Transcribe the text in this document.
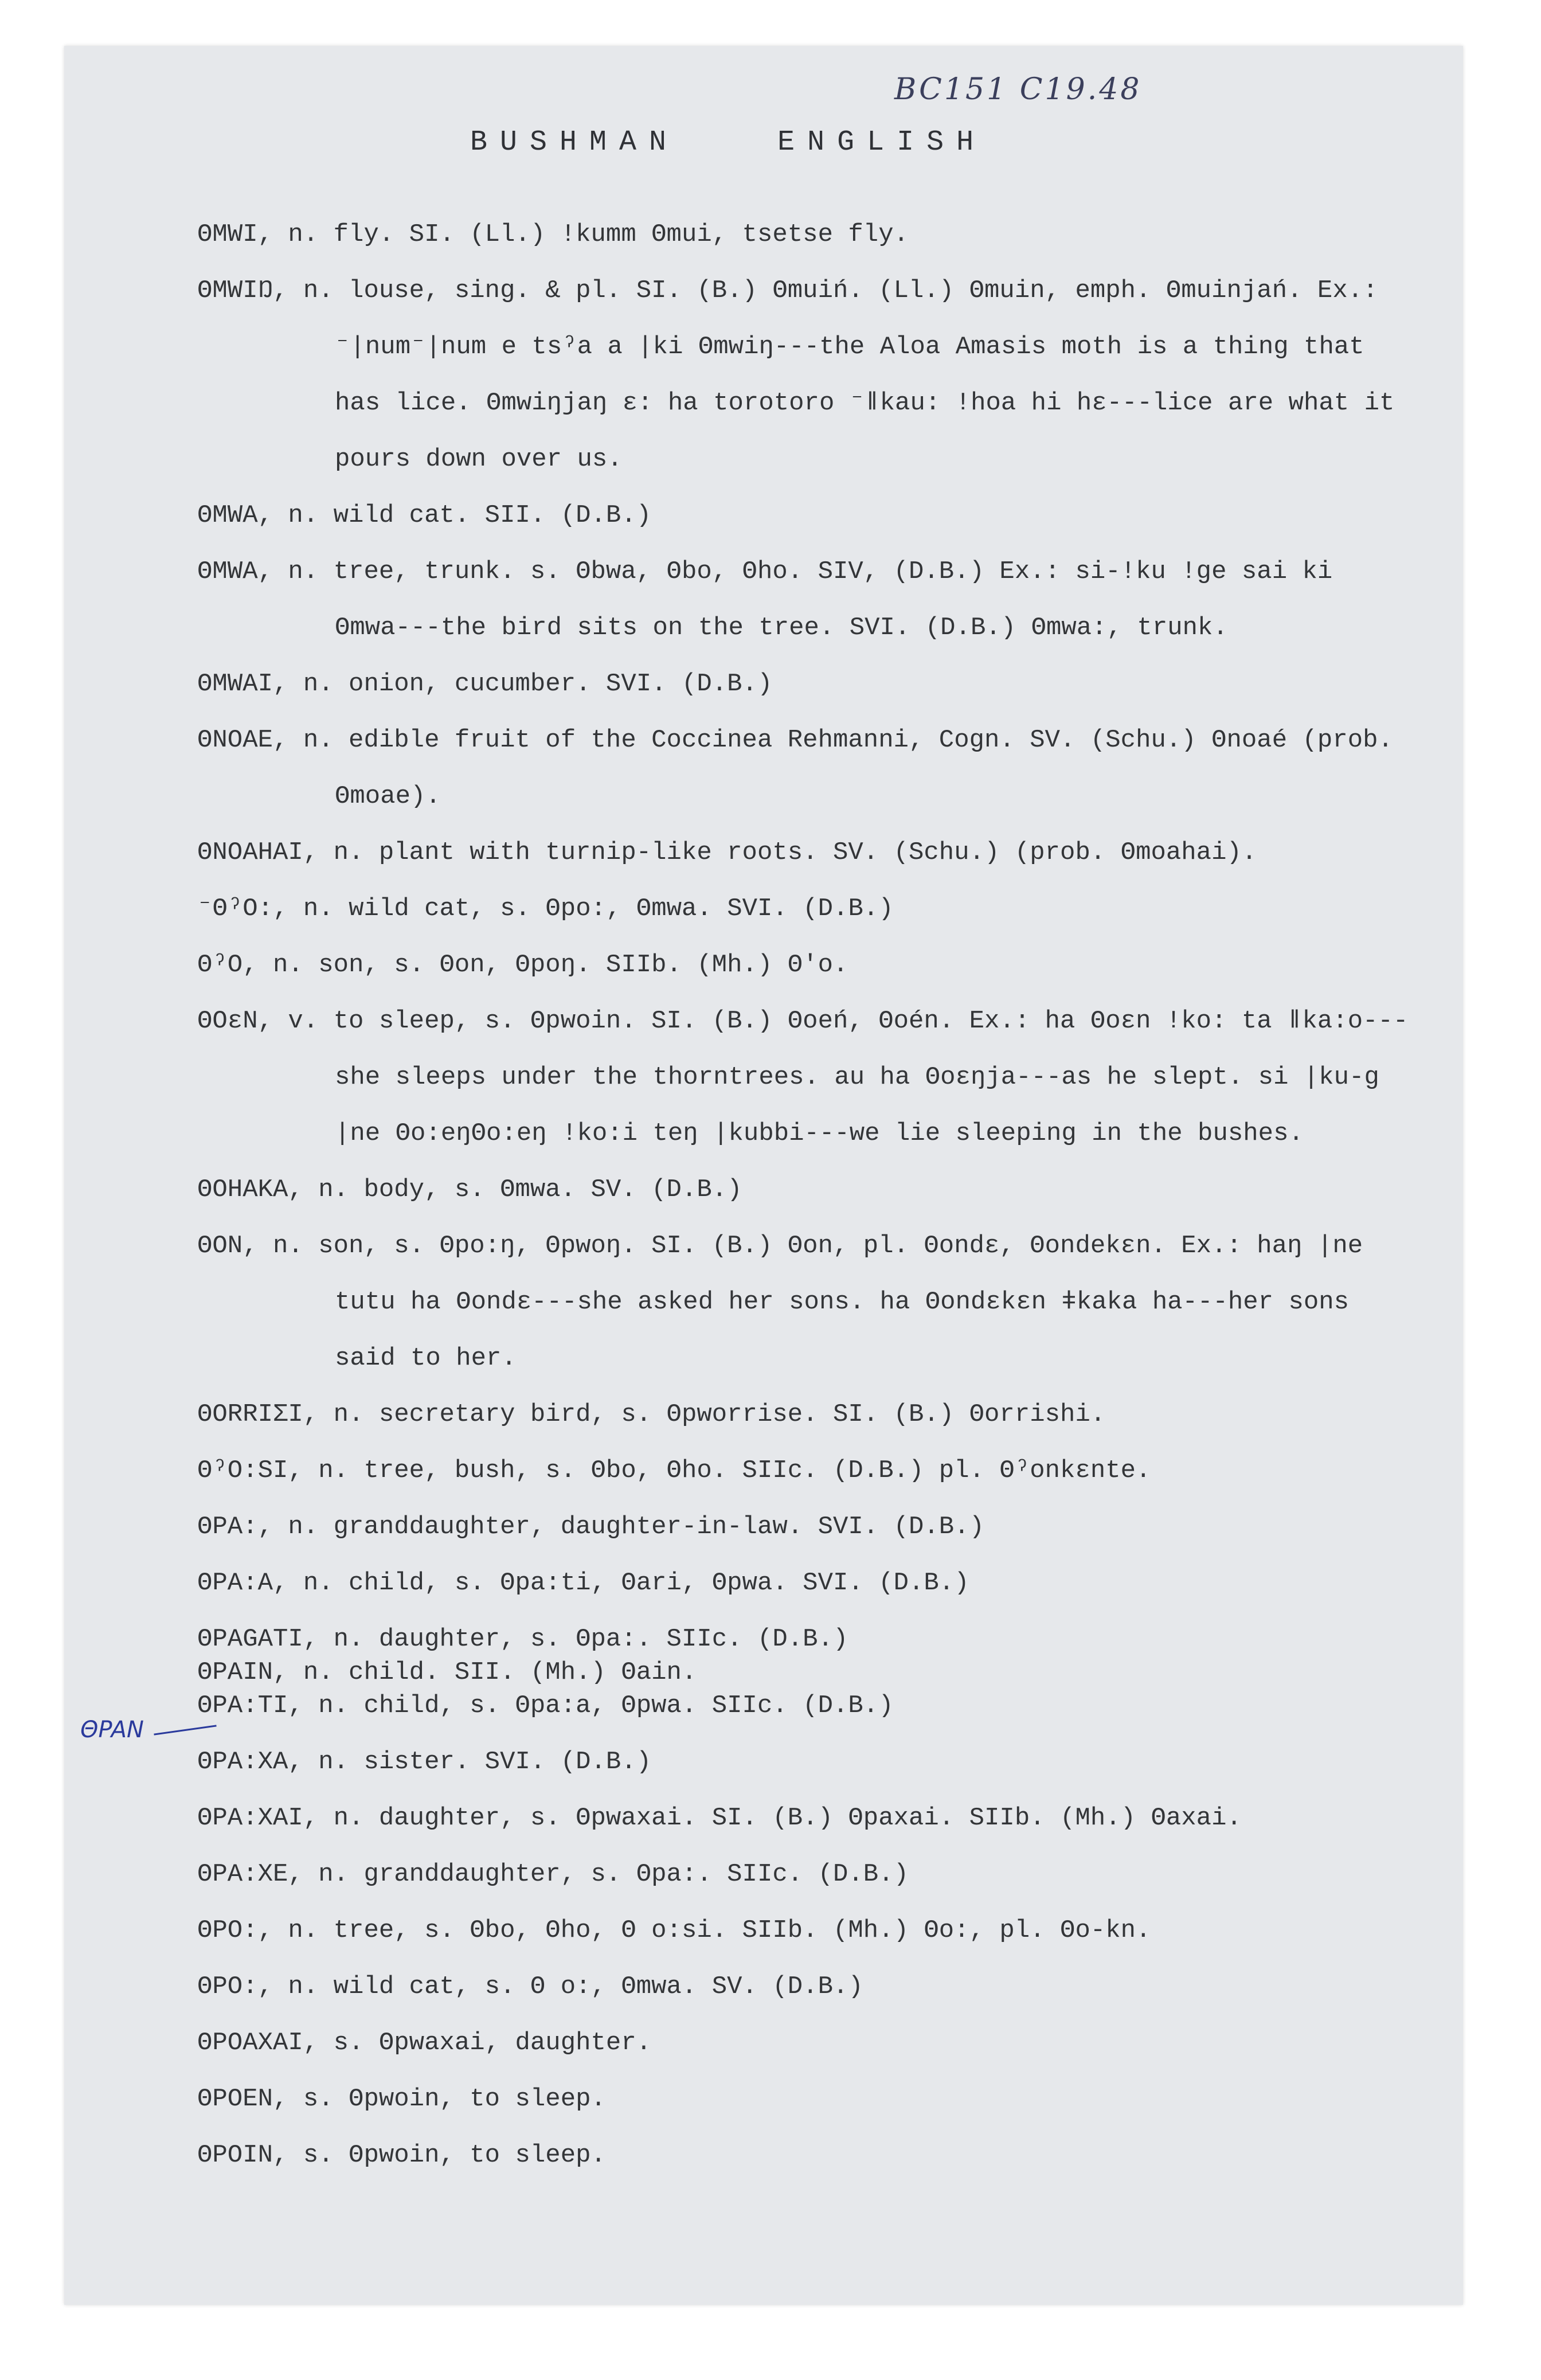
BC151 C19.48
ΘPAN
BUSHMAN	ENGLISH

ΘMWI, n. fly. SI. (Ll.) !kumm Θmui, tsetse fly.

ΘMWIŊ, n. louse, sing. & pl. SI. (B.) Θmuiń. (Ll.) Θmuin, emph. Θmuinjań. Ex.: ⁻|num⁻|num e tsˀa a |ki Θmwiŋ---the Aloa Amasis moth is a thing that has lice. Θmwiŋjaŋ ɛ: ha torotoro ⁻ǁkau: !hoa hi hɛ---lice are what it pours down over us.

ΘMWA, n. wild cat. SII. (D.B.)

ΘMWA, n. tree, trunk. s. Θbwa, Θbo, Θho. SIV, (D.B.) Ex.: si-!ku !ge sai ki Θmwa---the bird sits on the tree. SVI. (D.B.) Θmwa:, trunk.

ΘMWAI, n. onion, cucumber. SVI. (D.B.)

ΘNOAE, n. edible fruit of the Coccinea Rehmanni, Cogn. SV. (Schu.) Θnoaé (prob. Θmoae).

ΘNOAHAI, n. plant with turnip-like roots. SV. (Schu.) (prob. Θmoahai).

⁻ΘˀO:, n. wild cat, s. Θpo:, Θmwa. SVI. (D.B.)

ΘˀO, n. son, s. Θon, Θpoŋ. SIIb. (Mh.) Θ'o.

ΘOɛN, v. to sleep, s. Θpwoin. SI. (B.) Θoeń, Θoén. Ex.: ha Θoɛn !ko: ta ǁka:o---she sleeps under the thorntrees. au ha Θoɛŋja---as he slept. si |ku-g |ne Θo:eŋΘo:eŋ !ko:i teŋ |kubbi---we lie sleeping in the bushes.

ΘOHAKA, n. body, s. Θmwa. SV. (D.B.)

ΘON, n. son, s. Θpo:ŋ, Θpwoŋ. SI. (B.) Θon, pl. Θondɛ, Θondekɛn. Ex.: haŋ |ne tutu ha Θondɛ---she asked her sons. ha Θondɛkɛn ǂkaka ha---her sons said to her.

ΘORRIΣI, n. secretary bird, s. Θpworrise. SI. (B.) Θorrishi.

ΘˀO:SI, n. tree, bush, s. Θbo, Θho. SIIc. (D.B.) pl. Θˀonkɛnte.

ΘPA:, n. granddaughter, daughter-in-law. SVI. (D.B.)

ΘPA:A, n. child, s. Θpa:ti, Θari, Θpwa. SVI. (D.B.)

ΘPAGATI, n. daughter, s. Θpa:. SIIc. (D.B.)

ΘPAIN, n. child. SII. (Mh.) Θain.

ΘPA:TI, n. child, s. Θpa:a, Θpwa. SIIc. (D.B.)

ΘPA:XA, n. sister. SVI. (D.B.)

ΘPA:XAI, n. daughter, s. Θpwaxai. SI. (B.) Θpaxai. SIIb. (Mh.) Θaxai.

ΘPA:XE, n. granddaughter, s. Θpa:. SIIc. (D.B.)

ΘPO:, n. tree, s. Θbo, Θho, Θ o:si. SIIb. (Mh.) Θo:, pl. Θo-kn.

ΘPO:, n. wild cat, s. Θ o:, Θmwa. SV. (D.B.)

ΘPOAXAI, s. Θpwaxai, daughter.

ΘPOEN, s. Θpwoin, to sleep.

ΘPOIN, s. Θpwoin, to sleep.
